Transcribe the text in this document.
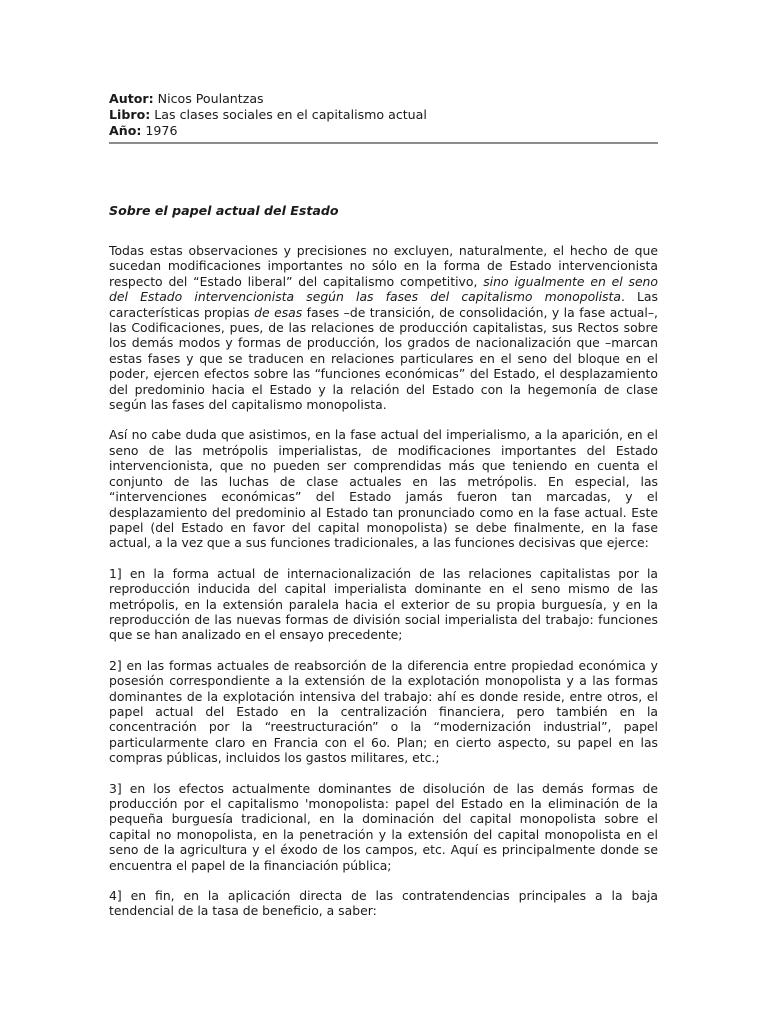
Autor: Nicos Poulantzas
Libro: Las clases sociales en el capitalismo actual
Año: 1976
Sobre el papel actual del Estado

Todas estas observaciones y precisiones no excluyen, naturalmente, el hecho de que sucedan modificaciones importantes no sólo en la forma de Estado intervencionista respecto del “Estado liberal” del capitalismo competitivo, sino igualmente en el seno del Estado intervencionista según las fases del capitalismo monopolista. Las características propias de esas fases –de transición, de consolidación, y la fase actual–, las Codificaciones, pues, de las relaciones de producción capitalistas, sus Rectos sobre los demás modos y formas de producción, los grados de nacionalización que –marcan estas fases y que se traducen en relaciones particulares en el seno del bloque en el poder, ejercen efectos sobre las “funciones económicas” del Estado, el desplazamiento del predominio hacia el Estado y la relación del Estado con la hegemonía de clase según las fases del capitalismo monopolista.

Así no cabe duda que asistimos, en la fase actual del imperialismo, a la aparición, en el seno de las metrópolis imperialistas, de modificaciones importantes del Estado intervencionista, que no pueden ser comprendidas más que teniendo en cuenta el conjunto de las luchas de clase actuales en las metrópolis. En especial, las “intervenciones económicas” del Estado jamás fueron tan marcadas, y el desplazamiento del predominio al Estado tan pronunciado como en la fase actual. Este papel (del Estado en favor del capital monopolista) se debe finalmente, en la fase actual, a la vez que a sus funciones tradicionales, a las funciones decisivas que ejerce:

1] en la forma actual de internacionalización de las relaciones capitalistas por la reproducción inducida del capital imperialista dominante en el seno mismo de las metrópolis, en la extensión paralela hacia el exterior de su propia burguesía, y en la reproducción de las nuevas formas de división social imperialista del trabajo: funciones que se han analizado en el ensayo precedente;

2] en las formas actuales de reabsorción de la diferencia entre propiedad económica y posesión correspondiente a la extensión de la explotación monopolista y a las formas dominantes de la explotación intensiva del trabajo: ahí es donde reside, entre otros, el papel actual del Estado en la centralización financiera, pero también en la concentración por la “reestructuración” o la “modernización industrial”, papel particularmente claro en Francia con el 6o. Plan; en cierto aspecto, su papel en las compras públicas, incluidos los gastos militares, etc.;

3] en los efectos actualmente dominantes de disolución de las demás formas de producción por el capitalismo 'monopolista: papel del Estado en la eliminación de la pequeña burguesía tradicional, en la dominación del capital monopolista sobre el capital no monopolista, en la penetración y la extensión del capital monopolista en el seno de la agricultura y el éxodo de los campos, etc. Aquí es principalmente donde se encuentra el papel de la financiación pública;

4] en fin, en la aplicación directa de las contratendencias principales a la baja tendencial de la tasa de beneficio, a saber:
